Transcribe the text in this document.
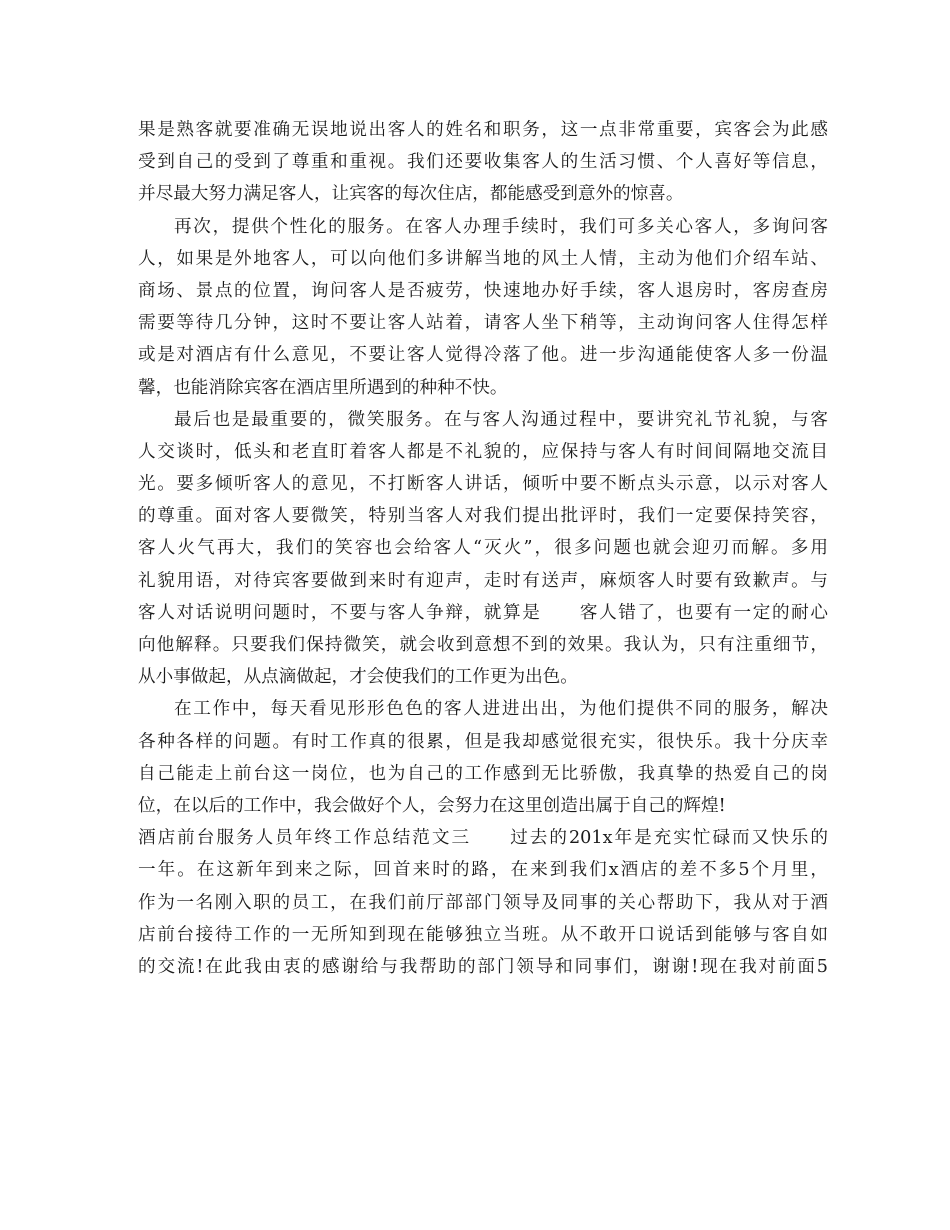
果是熟客就要准确无误地说出客人的姓名和职务，这一点非常重要，宾客会为此感
受到自己的受到了尊重和重视。我们还要收集客人的生活习惯、个人喜好等信息，
并尽最大努力满足客人，让宾客的每次住店，都能感受到意外的惊喜。
再次，提供个性化的服务。在客人办理手续时，我们可多关心客人，多询问客
人，如果是外地客人，可以向他们多讲解当地的风土人情，主动为他们介绍车站、
商场、景点的位置，询问客人是否疲劳，快速地办好手续，客人退房时，客房查房
需要等待几分钟，这时不要让客人站着，请客人坐下稍等，主动询问客人住得怎样
或是对酒店有什么意见，不要让客人觉得冷落了他。进一步沟通能使客人多一份温
馨，也能消除宾客在酒店里所遇到的种种不快。
最后也是最重要的，微笑服务。在与客人沟通过程中，要讲究礼节礼貌，与客
人交谈时，低头和老直盯着客人都是不礼貌的，应保持与客人有时间间隔地交流目
光。要多倾听客人的意见，不打断客人讲话，倾听中要不断点头示意，以示对客人
的尊重。面对客人要微笑，特别当客人对我们提出批评时，我们一定要保持笑容，
客人火气再大，我们的笑容也会给客人“灭火”，很多问题也就会迎刃而解。多用
礼貌用语，对待宾客要做到来时有迎声，走时有送声，麻烦客人时要有致歉声。与
客人对话说明问题时，不要与客人争辩，就算是　　客人错了，也要有一定的耐心
向他解释。只要我们保持微笑，就会收到意想不到的效果。我认为，只有注重细节，
从小事做起，从点滴做起，才会使我们的工作更为出色。
在工作中，每天看见形形色色的客人进进出出，为他们提供不同的服务，解决
各种各样的问题。有时工作真的很累，但是我却感觉很充实，很快乐。我十分庆幸
自己能走上前台这一岗位，也为自己的工作感到无比骄傲，我真挚的热爱自己的岗
位，在以后的工作中，我会做好个人，会努力在这里创造出属于自己的辉煌!
酒店前台服务人员年终工作总结范文三　　过去的201x年是充实忙碌而又快乐的
一年。在这新年到来之际，回首来时的路，在来到我们x酒店的差不多5个月里，
作为一名刚入职的员工，在我们前厅部部门领导及同事的关心帮助下，我从对于酒
店前台接待工作的一无所知到现在能够独立当班。从不敢开口说话到能够与客自如
的交流!在此我由衷的感谢给与我帮助的部门领导和同事们，谢谢!现在我对前面5
